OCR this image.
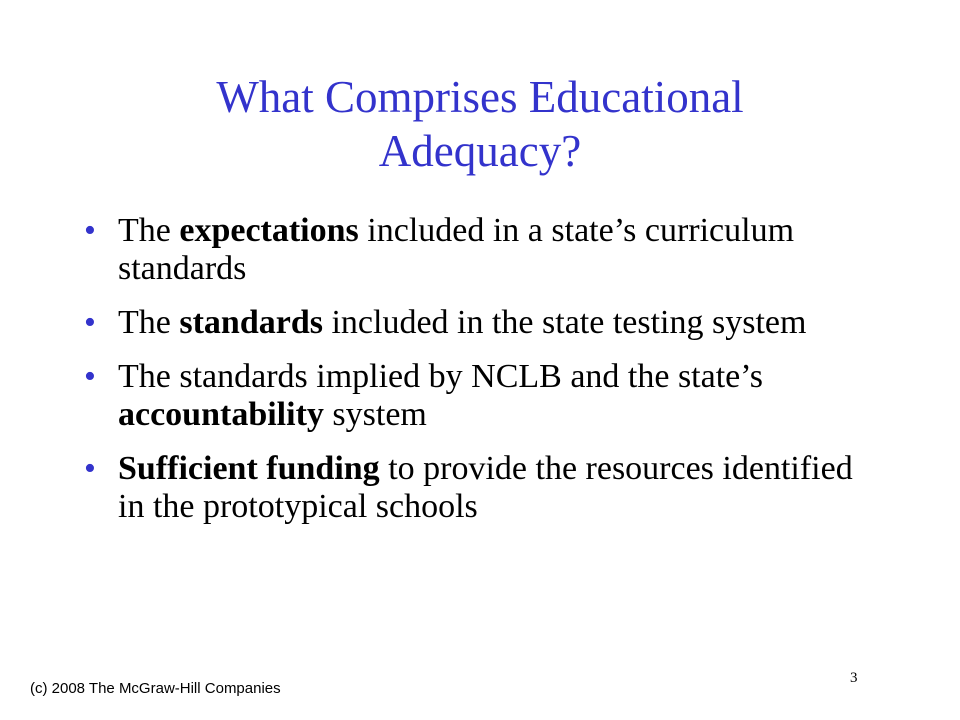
What Comprises Educational Adequacy?
• The expectations included in a state’s curriculum standards
• The standards included in the state testing system
• The standards implied by NCLB and the state’s accountability system
• Sufficient funding to provide the resources identified in the prototypical schools
(c) 2008 The McGraw-Hill Companies
3
